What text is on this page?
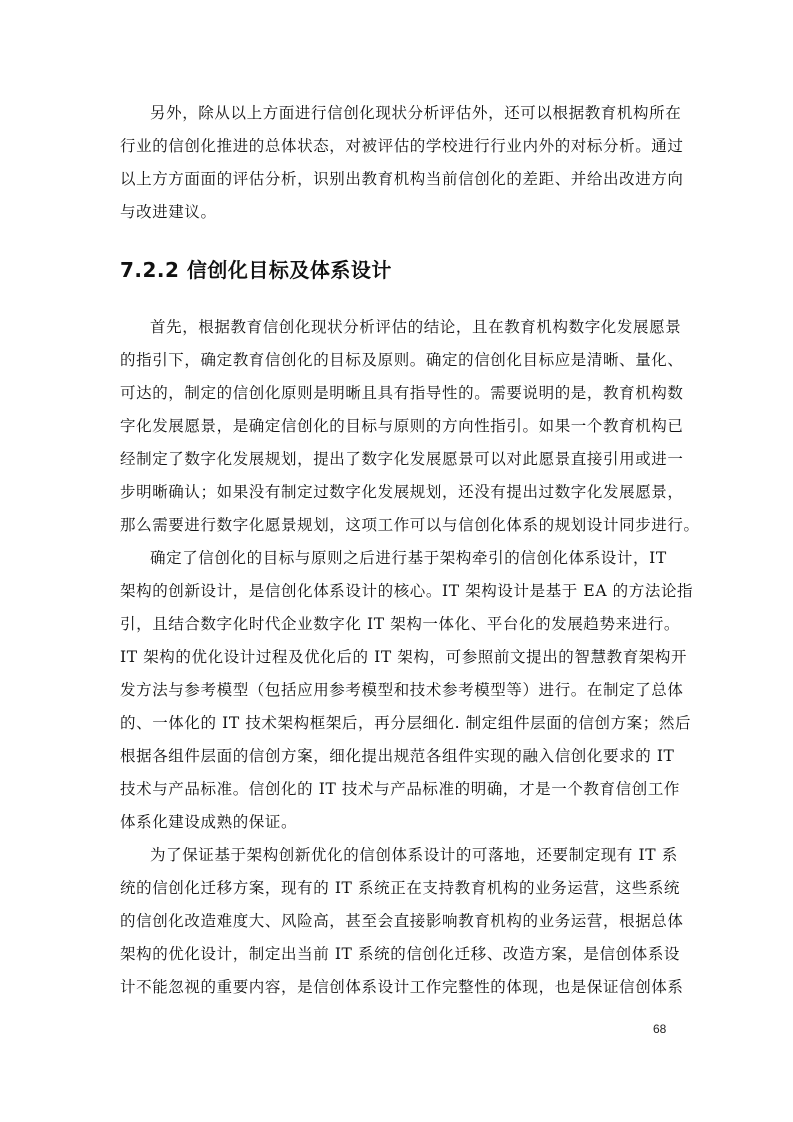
另外，除从以上方面进行信创化现状分析评估外，还可以根据教育机构所在
行业的信创化推进的总体状态，对被评估的学校进行行业内外的对标分析。通过
以上方方面面的评估分析，识别出教育机构当前信创化的差距、并给出改进方向
与改进建议。
7.2.2 信创化目标及体系设计
首先，根据教育信创化现状分析评估的结论，且在教育机构数字化发展愿景
的指引下，确定教育信创化的目标及原则。确定的信创化目标应是清晰、量化、
可达的，制定的信创化原则是明晰且具有指导性的。需要说明的是，教育机构数
字化发展愿景，是确定信创化的目标与原则的方向性指引。如果一个教育机构已
经制定了数字化发展规划，提出了数字化发展愿景可以对此愿景直接引用或进一
步明晰确认；如果没有制定过数字化发展规划，还没有提出过数字化发展愿景，
那么需要进行数字化愿景规划，这项工作可以与信创化体系的规划设计同步进行。
确定了信创化的目标与原则之后进行基于架构牵引的信创化体系设计，IT
架构的创新设计，是信创化体系设计的核心。IT 架构设计是基于 EA 的方法论指
引，且结合数字化时代企业数字化 IT 架构一体化、平台化的发展趋势来进行。
IT 架构的优化设计过程及优化后的 IT 架构，可参照前文提出的智慧教育架构开
发方法与参考模型（包括应用参考模型和技术参考模型等）进行。在制定了总体
的、一体化的 IT 技术架构框架后，再分层细化. 制定组件层面的信创方案；然后
根据各组件层面的信创方案，细化提出规范各组件实现的融入信创化要求的 IT
技术与产品标准。信创化的 IT 技术与产品标准的明确，才是一个教育信创工作
体系化建设成熟的保证。
为了保证基于架构创新优化的信创体系设计的可落地，还要制定现有 IT 系
统的信创化迁移方案，现有的 IT 系统正在支持教育机构的业务运营，这些系统
的信创化改造难度大、风险高，甚至会直接影响教育机构的业务运营，根据总体
架构的优化设计，制定出当前 IT 系统的信创化迁移、改造方案，是信创体系设
计不能忽视的重要内容，是信创体系设计工作完整性的体现，也是保证信创体系
68
